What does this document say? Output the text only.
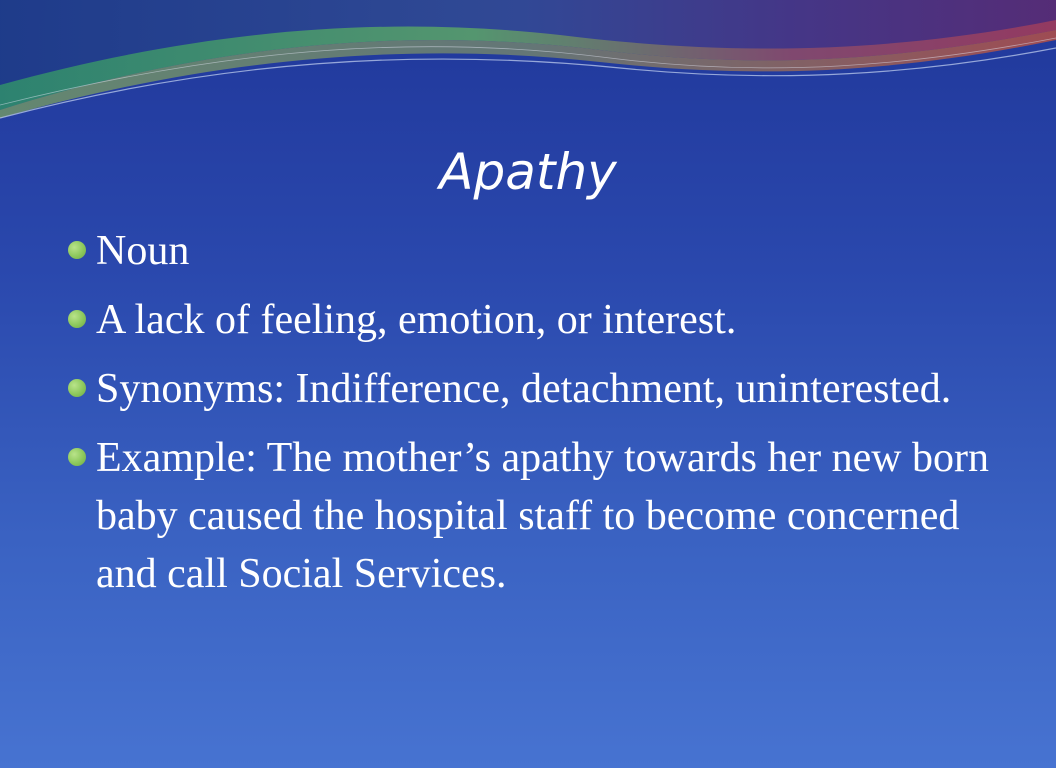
Apathy
Noun
A lack of feeling, emotion, or interest.
Synonyms: Indifference, detachment, uninterested.
Example: The mother’s apathy towards her new born baby caused the hospital staff to become concerned and call Social Services.
